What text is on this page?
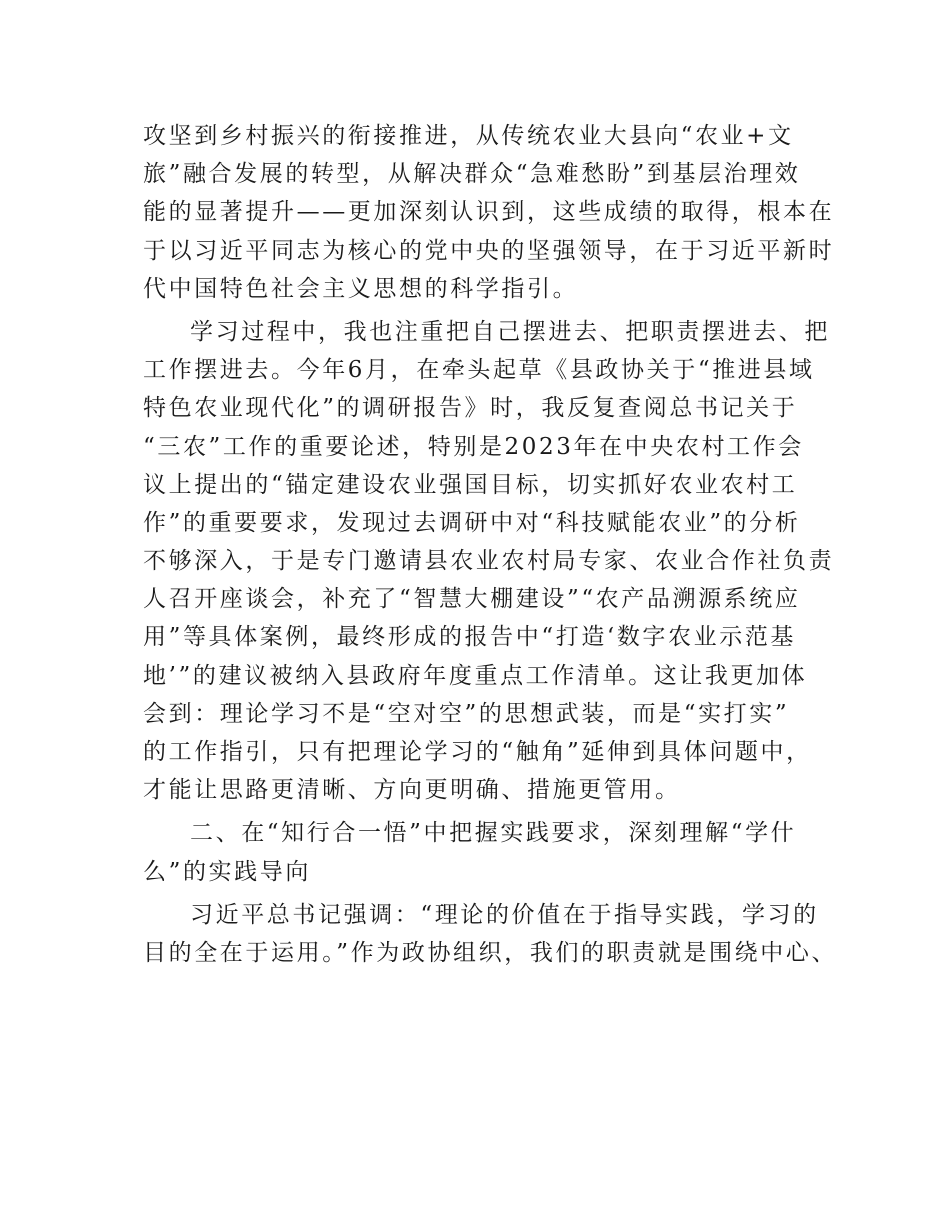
攻坚到乡村振兴的衔接推进，从传统农业大县向“农业+文
旅”融合发展的转型，从解决群众“急难愁盼”到基层治理效
能的显著提升——更加深刻认识到，这些成绩的取得，根本在
于以习近平同志为核心的党中央的坚强领导，在于习近平新时
代中国特色社会主义思想的科学指引。
学习过程中，我也注重把自己摆进去、把职责摆进去、把
工作摆进去。今年6月，在牵头起草《县政协关于“推进县域
特色农业现代化”的调研报告》时，我反复查阅总书记关于
“三农”工作的重要论述，特别是2023年在中央农村工作会
议上提出的“锚定建设农业强国目标，切实抓好农业农村工
作”的重要要求，发现过去调研中对“科技赋能农业”的分析
不够深入，于是专门邀请县农业农村局专家、农业合作社负责
人召开座谈会，补充了“智慧大棚建设”“农产品溯源系统应
用”等具体案例，最终形成的报告中“打造‘数字农业示范基
地’”的建议被纳入县政府年度重点工作清单。这让我更加体
会到：理论学习不是“空对空”的思想武装，而是“实打实”
的工作指引，只有把理论学习的“触角”延伸到具体问题中，
才能让思路更清晰、方向更明确、措施更管用。
二、在“知行合一悟”中把握实践要求，深刻理解“学什
么”的实践导向
习近平总书记强调：“理论的价值在于指导实践，学习的
目的全在于运用。”作为政协组织，我们的职责就是围绕中心、
